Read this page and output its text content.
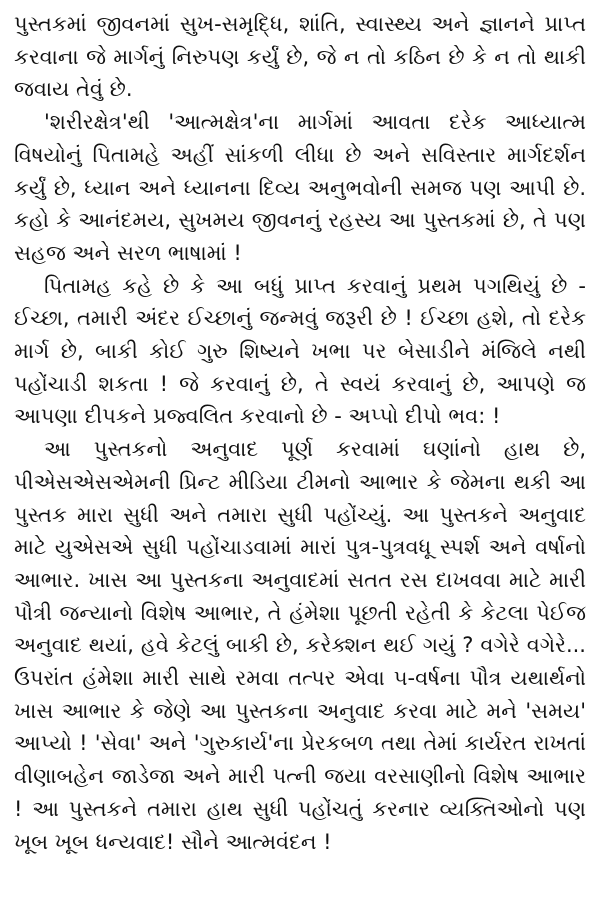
પુસ્તકમાં જીવનમાં સુખ-સમૃદ્ધિ, શાંતિ, સ્વાસ્થ્ય અને જ્ઞાનને પ્રાપ્ત કરવાના જે માર્ગનું નિરુપણ કર્યું છે, જે ન તો કઠિન છે કે ન તો થાકી જવાય તેવું છે.

'શરીરક્ષેત્ર'થી 'આત્મક્ષેત્ર'ના માર્ગમાં આવતા દરેક આધ્યાત્મ વિષયોનું પિતામહે અહીં સાંકળી લીધા છે અને સવિસ્તાર માર્ગદર્શન કર્યું છે, ધ્યાન અને ધ્યાનના દિવ્ય અનુભવોની સમજ પણ આપી છે. કહો કે આનંદમય, સુખમય જીવનનું રહસ્ય આ પુસ્તકમાં છે, તે પણ સહજ અને સરળ ભાષામાં !

પિતામહ કહે છે કે આ બધું પ્રાપ્ત કરવાનું પ્રથમ પગથિયું છે - ઈચ્છા, તમારી અંદર ઈચ્છાનું જન્મવું જરૂરી છે ! ઈચ્છા હશે, તો દરેક માર્ગ છે, બાકી કોઈ ગુરુ શિષ્યને ખભા પર બેસાડીને મંજિલે નથી પહોંચાડી શકતા ! જે કરવાનું છે, તે સ્વયં કરવાનું છે, આપણે જ આપણા દીપકને પ્રજ્વલિત કરવાનો છે - અપ્પો દીપો ભવ: !

આ પુસ્તકનો અનુવાદ પૂર્ણ કરવામાં ઘણાંનો હાથ છે, પીએસએસએમની પ્રિન્ટ મીડિયા ટીમનો આભાર કે જેમના થકી આ પુસ્તક મારા સુધી અને તમારા સુધી પહોંચ્યું. આ પુસ્તકને અનુવાદ માટે યુએસએ સુધી પહોંચાડવામાં મારાં પુત્ર-પુત્રવધૂ સ્પર્શ અને વર્ષાનો આભાર. ખાસ આ પુસ્તકના અનુવાદમાં સતત રસ દાખવવા માટે મારી પૌત્રી જન્યાનો વિશેષ આભાર, તે હંમેશા પૂછતી રહેતી કે કેટલા પેઈજ અનુવાદ થયાં, હવે કેટલું બાકી છે, કરેક્શન થઈ ગયું ? વગેરે વગેરે... ઉપરાંત હંમેશા મારી સાથે રમવા તત્પર એવા ૫-વર્ષના પૌત્ર યથાર્થનો ખાસ આભાર કે જેણે આ પુસ્તકના અનુવાદ કરવા માટે મને 'સમય' આપ્યો ! 'સેવા' અને 'ગુરુકાર્ય'ના પ્રેરકબળ તથા તેમાં કાર્યરત રાખતાં વીણાબહેન જાડેજા અને મારી પત્ની જયા વરસાણીનો વિશેષ આભાર ! આ પુસ્તકને તમારા હાથ સુધી પહોંચતું કરનાર વ્યક્તિઓનો પણ ખૂબ ખૂબ ધન્યવાદ! સૌને આત્મવંદન !
